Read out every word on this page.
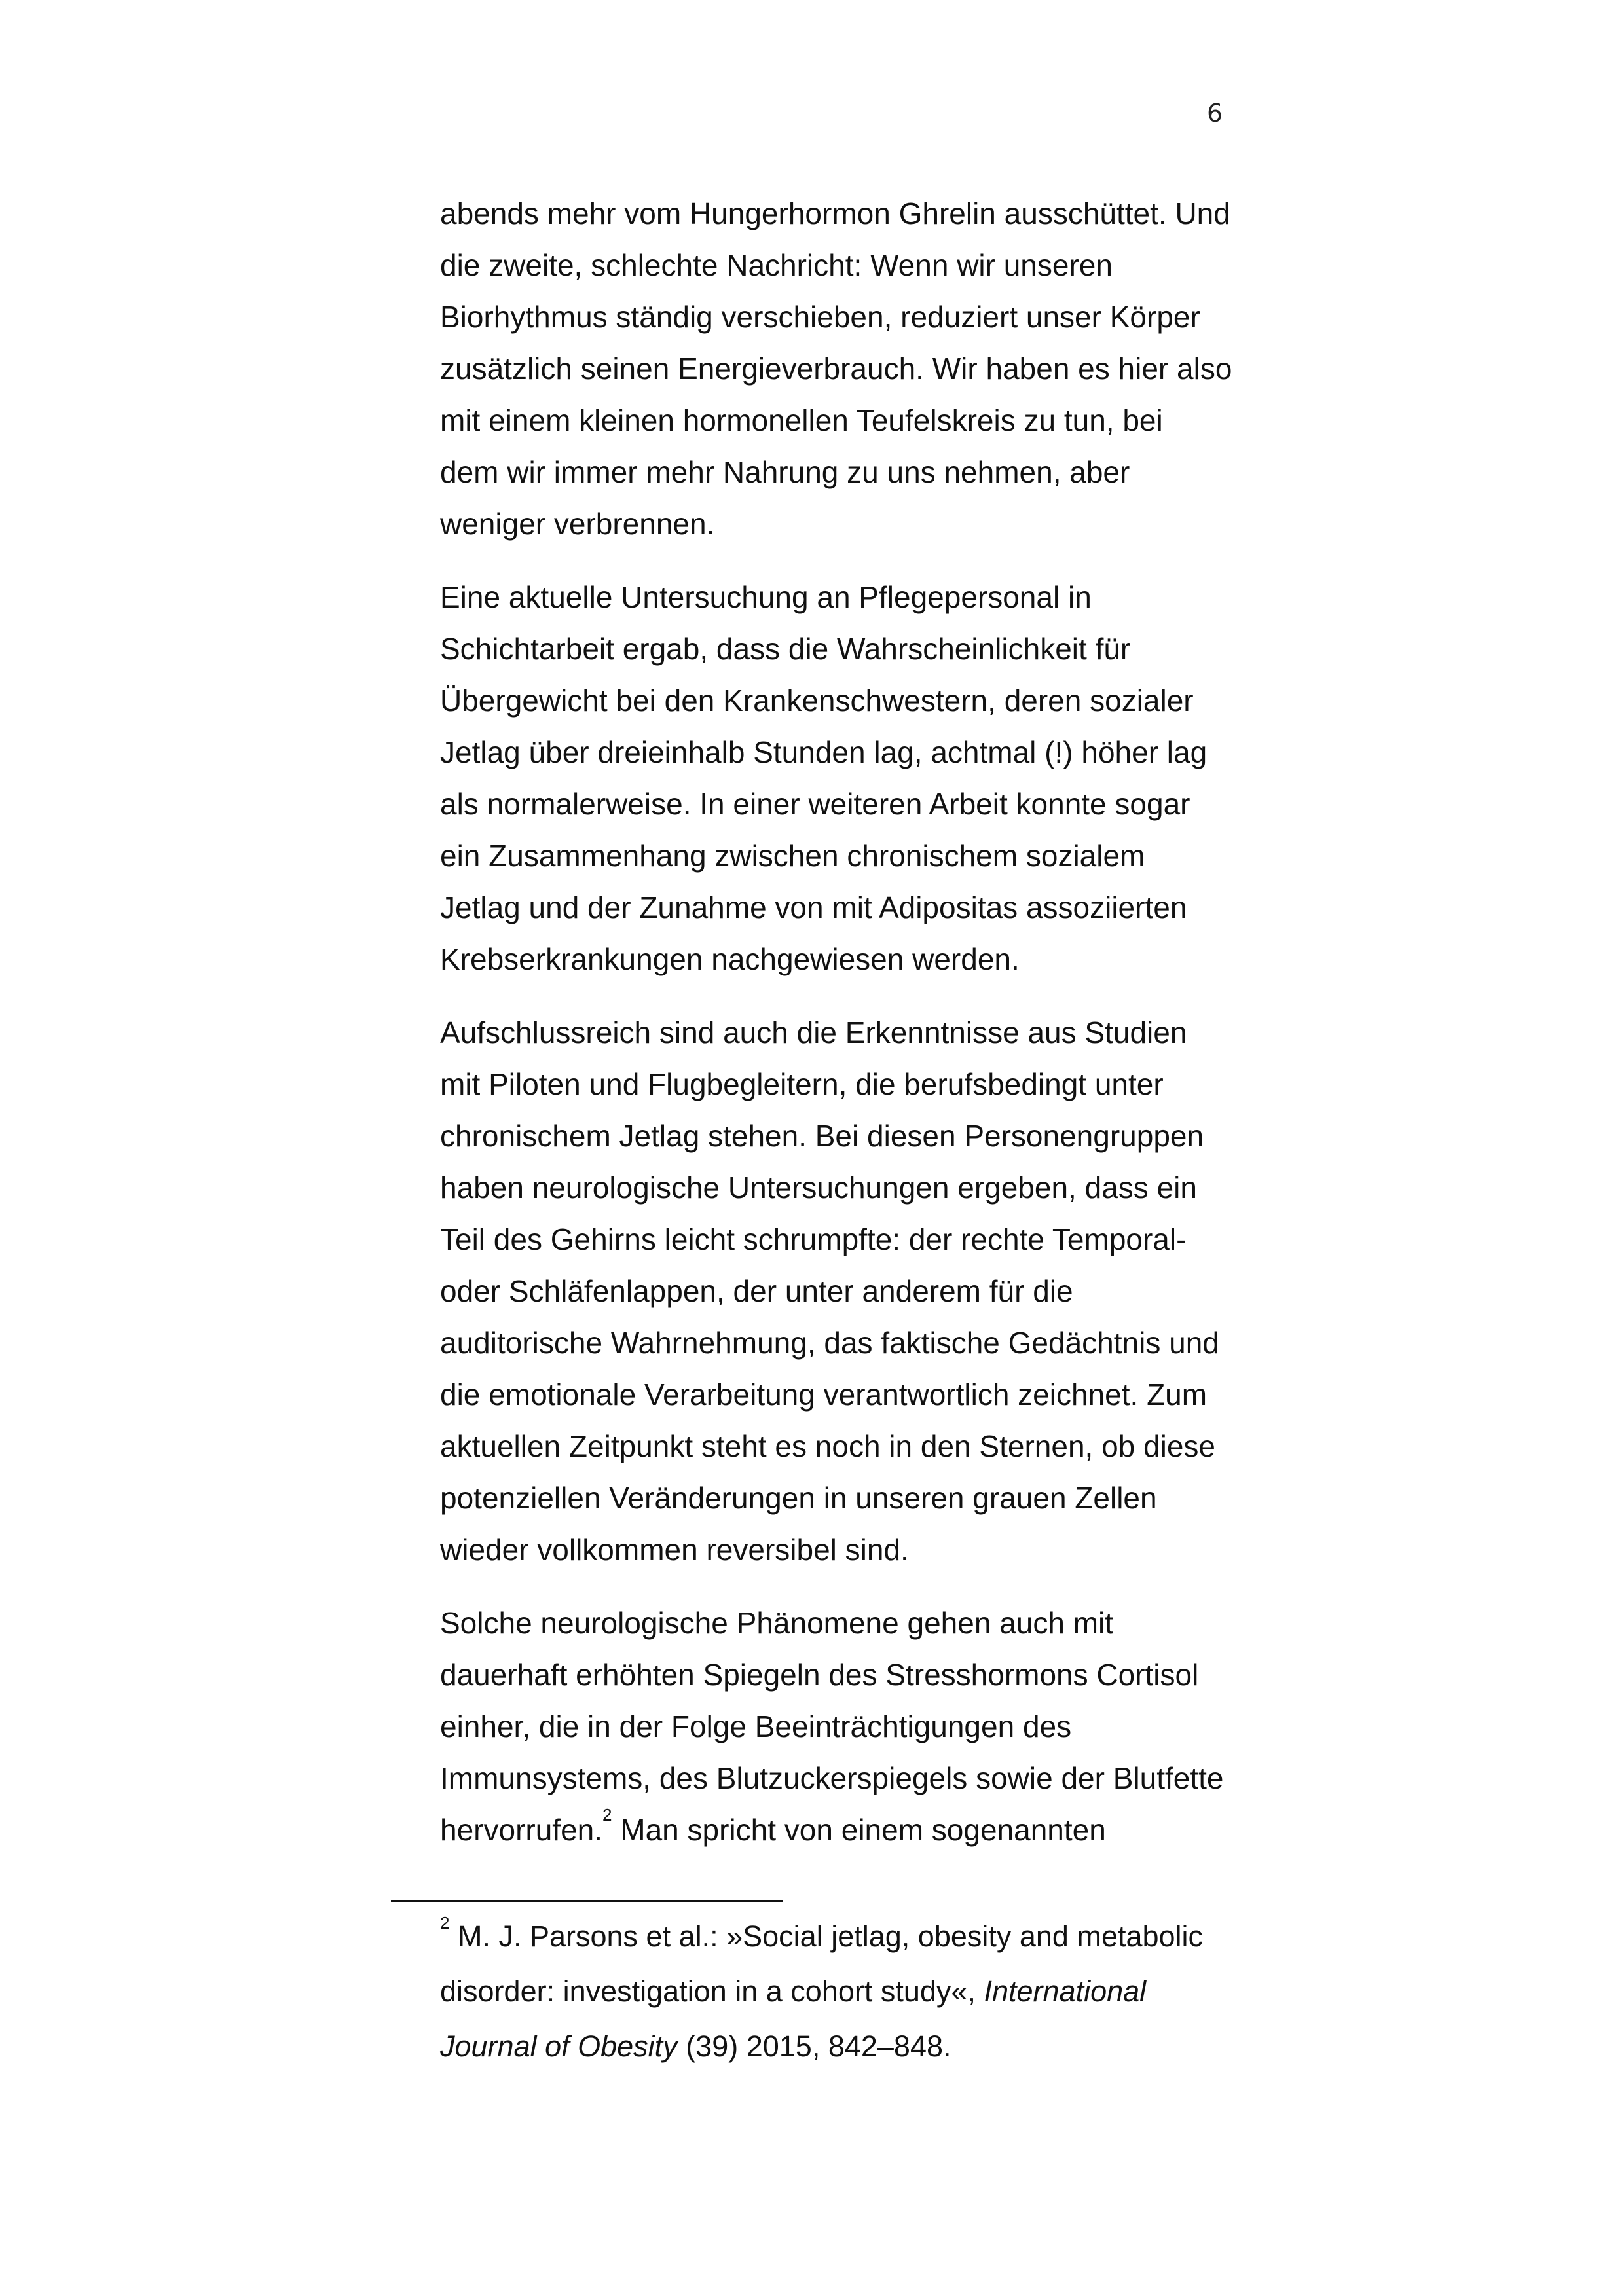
6
abends mehr vom Hungerhormon Ghrelin ausschüttet. Und
die zweite, schlechte Nachricht: Wenn wir unseren
Biorhythmus ständig verschieben, reduziert unser Körper
zusätzlich seinen Energieverbrauch. Wir haben es hier also
mit einem kleinen hormonellen Teufelskreis zu tun, bei
dem wir immer mehr Nahrung zu uns nehmen, aber
weniger verbrennen.
Eine aktuelle Untersuchung an Pflegepersonal in
Schichtarbeit ergab, dass die Wahrscheinlichkeit für
Übergewicht bei den Krankenschwestern, deren sozialer
Jetlag über dreieinhalb Stunden lag, achtmal (!) höher lag
als normalerweise. In einer weiteren Arbeit konnte sogar
ein Zusammenhang zwischen chronischem sozialem
Jetlag und der Zunahme von mit Adipositas assoziierten
Krebserkrankungen nachgewiesen werden.
Aufschlussreich sind auch die Erkenntnisse aus Studien
mit Piloten und Flugbegleitern, die berufsbedingt unter
chronischem Jetlag stehen. Bei diesen Personengruppen
haben neurologische Untersuchungen ergeben, dass ein
Teil des Gehirns leicht schrumpfte: der rechte Temporal-
oder Schläfenlappen, der unter anderem für die
auditorische Wahrnehmung, das faktische Gedächtnis und
die emotionale Verarbeitung verantwortlich zeichnet. Zum
aktuellen Zeitpunkt steht es noch in den Sternen, ob diese
potenziellen Veränderungen in unseren grauen Zellen
wieder vollkommen reversibel sind.
Solche neurologische Phänomene gehen auch mit
dauerhaft erhöhten Spiegeln des Stresshormons Cortisol
einher, die in der Folge Beeinträchtigungen des
Immunsystems, des Blutzuckerspiegels sowie der Blutfette
hervorrufen.$^2$ Man spricht von einem sogenannten
$^2$ M. J. Parsons et al.: »Social jetlag, obesity and metabolic
disorder: investigation in a cohort study«, International
Journal of Obesity (39) 2015, 842–848.
